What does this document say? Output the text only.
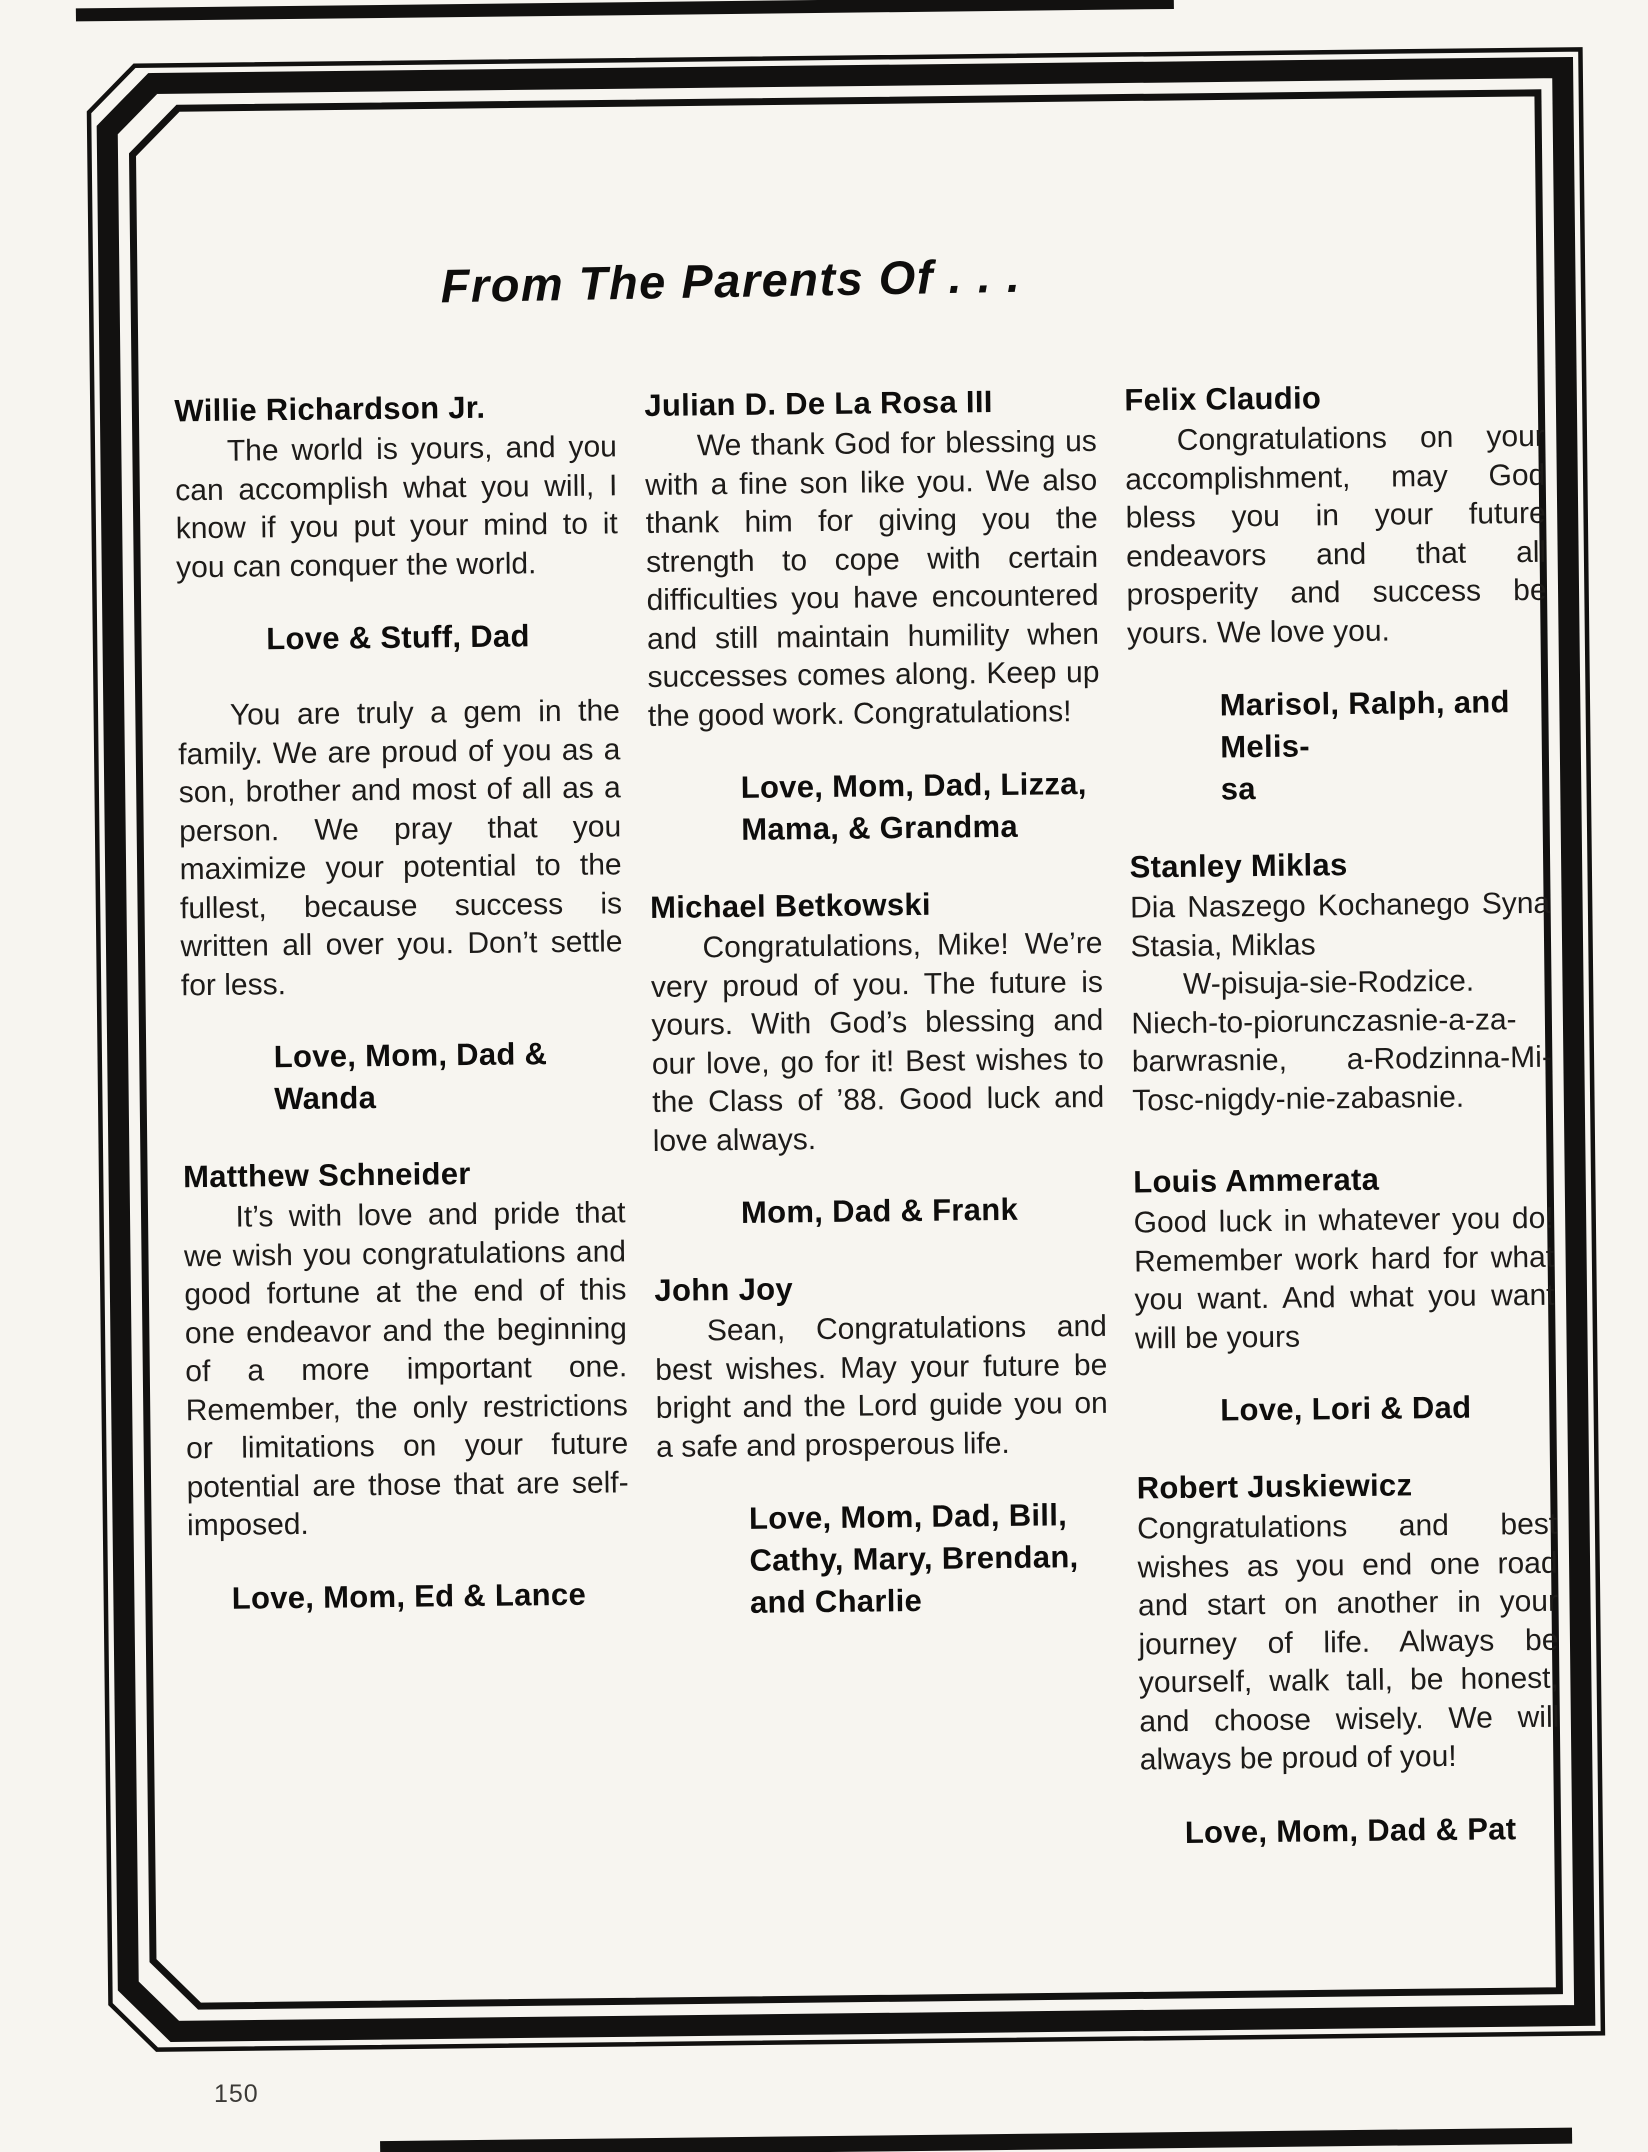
From The Parents Of . . .
Willie Richardson Jr.

The world is yours, and you can accomplish what you will, I know if you put your mind to it you can conquer the world.

Love & Stuff, Dad

You are truly a gem in the family. We are proud of you as a son, brother and most of all as a person. We pray that you maximize your potential to the fullest, because success is written all over you. Don’t settle for less.

Love, Mom, Dad &
Wanda
Matthew Schneider

It’s with love and pride that we wish you congratulations and good fortune at the end of this one endeavor and the beginning of a more important one. Remember, the only restrictions or limitations on your future potential are those that are self-imposed.

Love, Mom, Ed & Lance
Julian D. De La Rosa III

We thank God for blessing us with a fine son like you. We also thank him for giving you the strength to cope with certain difficulties you have encountered and still maintain humility when successes comes along. Keep up the good work. Congratulations!

Love, Mom, Dad, Lizza,
Mama, & Grandma
Michael Betkowski

Congratulations, Mike! We’re very proud of you. The future is yours. With God’s blessing and our love, go for it! Best wishes to the Class of ’88. Good luck and love always.

Mom, Dad & Frank
John Joy

Sean, Congratulations and best wishes. May your future be bright and the Lord guide you on a safe and prosperous life.

Love, Mom, Dad, Bill,
Cathy, Mary, Brendan,
and Charlie
Felix Claudio

Congratulations on your accomplishment, may God bless you in your future endeavors and that all prosperity and success be yours. We love you.

Marisol, Ralph, and Melis-
sa
Stanley Miklas

Dia Naszego Kochanego Syna Stasia, Miklas

W-pisuja-sie-Rodzice. Niech-to-piorunczasnie-a-za-barwrasnie, a-Rodzinna-Mi-Tosc-nigdy-nie-zabasnie.

Louis Ammerata

Good luck in whatever you do! Remember work hard for what you want. And what you want will be yours

Love, Lori & Dad
Robert Juskiewicz

Congratulations and best wishes as you end one road and start on another in your journey of life. Always be yourself, walk tall, be honest, and choose wisely. We will always be proud of you!

Love, Mom, Dad & Pat
150
